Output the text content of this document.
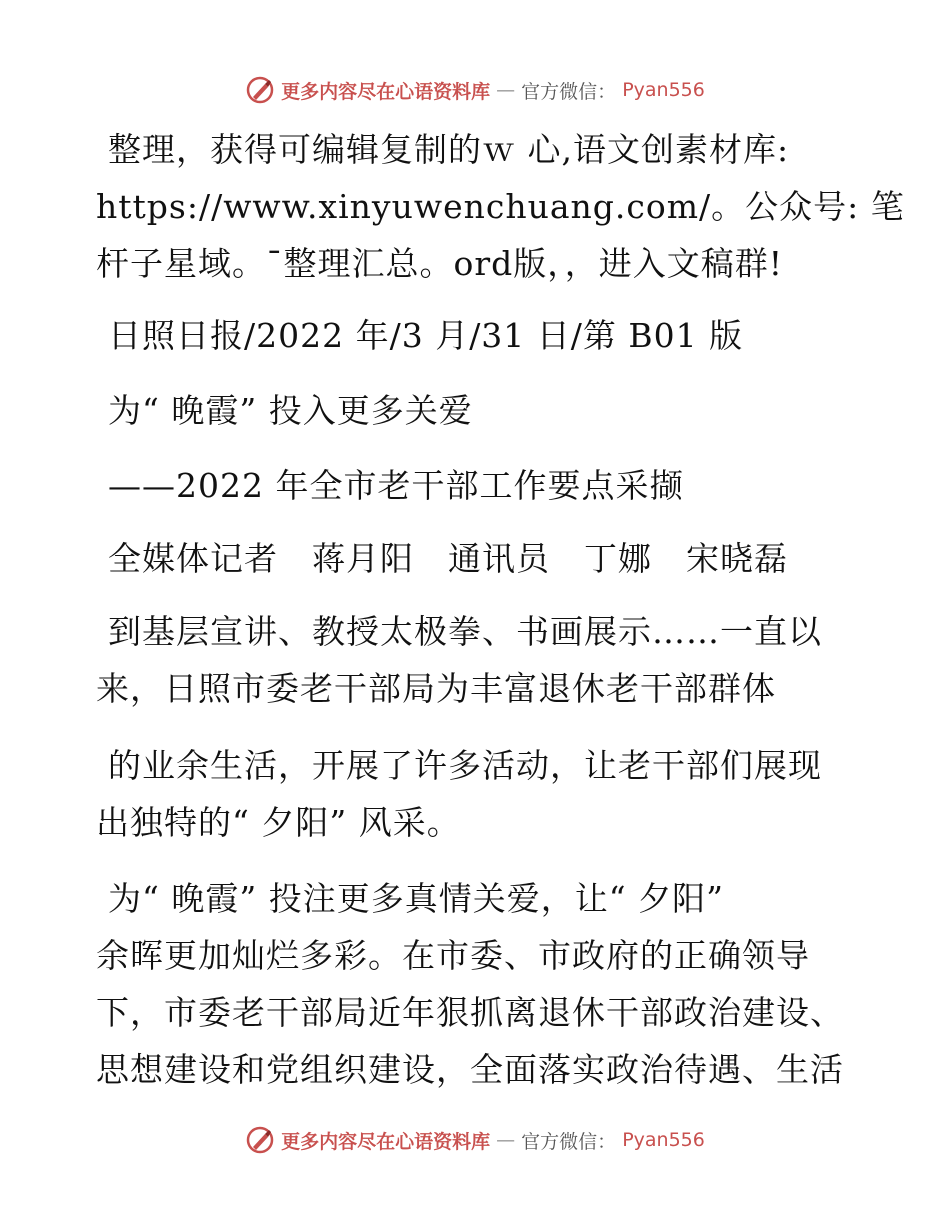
更多内容尽在心语资料库 — 官方微信： Pyan556
整理，获得可编辑复制的ｗ 心,语文创素材库:
https://www.xinyuwenchuang.com/。公众号: 笔
杆子星域。¯整理汇总。ord版，，进入文稿群!
日照日报/2022 年/3 月/31 日/第 B01 版
为“ 晚霞” 投入更多关爱
——2022 年全市老干部工作要点采撷
全媒体记者　蒋月阳　通讯员　丁娜　宋晓磊
到基层宣讲、教授太极拳、书画展示……一直以
来，日照市委老干部局为丰富退休老干部群体
的业余生活，开展了许多活动，让老干部们展现
出独特的“ 夕阳” 风采。
为“ 晚霞” 投注更多真情关爱，让“ 夕阳”
余晖更加灿烂多彩。在市委、市政府的正确领导
下，市委老干部局近年狠抓离退休干部政治建设、
思想建设和党组织建设，全面落实政治待遇、生活
更多内容尽在心语资料库 — 官方微信： Pyan556
